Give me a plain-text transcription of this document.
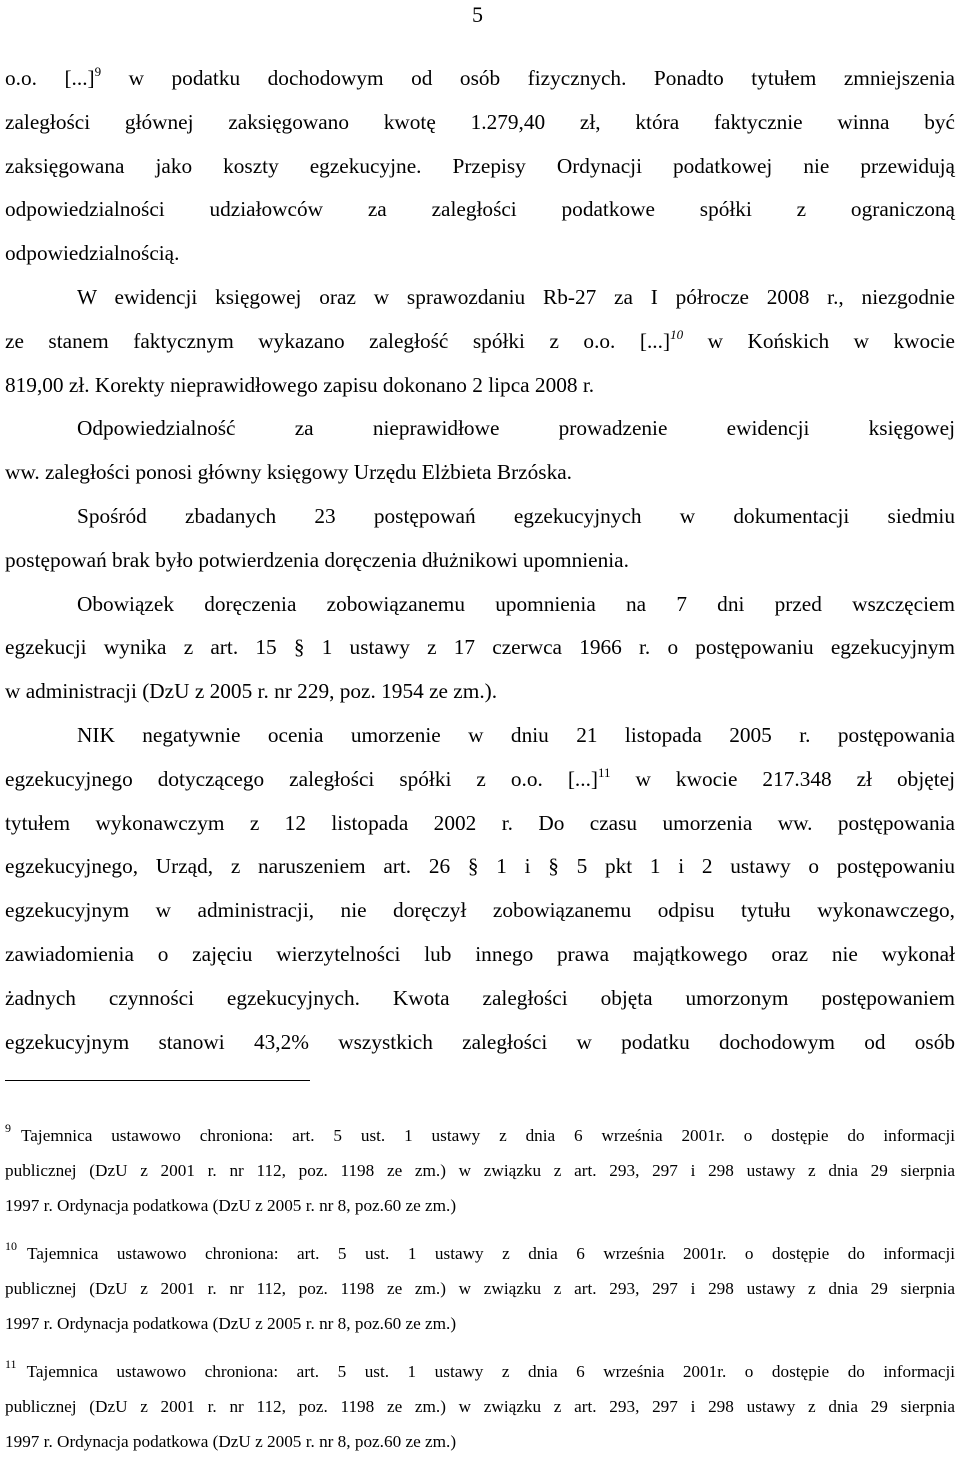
5
o.o. [...]$^9$ w podatku dochodowym od osób fizycznych. Ponadto tytułem zmniejszenia
zaległości głównej zaksięgowano kwotę 1.279,40 zł, która faktycznie winna być
zaksięgowana jako koszty egzekucyjne. Przepisy Ordynacji podatkowej nie przewidują
odpowiedzialności udziałowców za zaległości podatkowe spółki z ograniczoną
odpowiedzialnością.
W ewidencji księgowej oraz w sprawozdaniu Rb-27 za I półrocze 2008 r., niezgodnie
ze stanem faktycznym wykazano zaległość spółki z o.o. [...]$^{10}$ w Końskich w kwocie
819,00 zł. Korekty nieprawidłowego zapisu dokonano 2 lipca 2008 r.
Odpowiedzialność za nieprawidłowe prowadzenie ewidencji księgowej
ww. zaległości ponosi główny księgowy Urzędu Elżbieta Brzóska.
Spośród zbadanych 23 postępowań egzekucyjnych w dokumentacji siedmiu
postępowań brak było potwierdzenia doręczenia dłużnikowi upomnienia.
Obowiązek doręczenia zobowiązanemu upomnienia na 7 dni przed wszczęciem
egzekucji wynika z art. 15 § 1 ustawy z 17 czerwca 1966 r. o postępowaniu egzekucyjnym
w administracji (DzU z 2005 r. nr 229, poz. 1954 ze zm.).
NIK negatywnie ocenia umorzenie w dniu 21 listopada 2005 r. postępowania
egzekucyjnego dotyczącego zaległości spółki z o.o. [...]$^{11}$ w kwocie 217.348 zł objętej
tytułem wykonawczym z 12 listopada 2002 r. Do czasu umorzenia ww. postępowania
egzekucyjnego, Urząd, z naruszeniem art. 26 § 1 i § 5 pkt 1 i 2 ustawy o postępowaniu
egzekucyjnym w administracji, nie doręczył zobowiązanemu odpisu tytułu wykonawczego,
zawiadomienia o zajęciu wierzytelności lub innego prawa majątkowego oraz nie wykonał
żadnych czynności egzekucyjnych. Kwota zaległości objęta umorzonym postępowaniem
egzekucyjnym stanowi 43,2% wszystkich zaległości w podatku dochodowym od osób
$^9$ Tajemnica ustawowo chroniona: art. 5 ust. 1 ustawy z dnia 6 września 2001r. o dostępie do informacji
publicznej (DzU z 2001 r. nr 112, poz. 1198 ze zm.) w związku z art. 293, 297 i 298 ustawy z dnia 29 sierpnia
1997 r. Ordynacja podatkowa (DzU z 2005 r. nr 8, poz.60 ze zm.)
$^{10}$ Tajemnica ustawowo chroniona: art. 5 ust. 1 ustawy z dnia 6 września 2001r. o dostępie do informacji
publicznej (DzU z 2001 r. nr 112, poz. 1198 ze zm.) w związku z art. 293, 297 i 298 ustawy z dnia 29 sierpnia
1997 r. Ordynacja podatkowa (DzU z 2005 r. nr 8, poz.60 ze zm.)
$^{11}$ Tajemnica ustawowo chroniona: art. 5 ust. 1 ustawy z dnia 6 września 2001r. o dostępie do informacji
publicznej (DzU z 2001 r. nr 112, poz. 1198 ze zm.) w związku z art. 293, 297 i 298 ustawy z dnia 29 sierpnia
1997 r. Ordynacja podatkowa (DzU z 2005 r. nr 8, poz.60 ze zm.)
